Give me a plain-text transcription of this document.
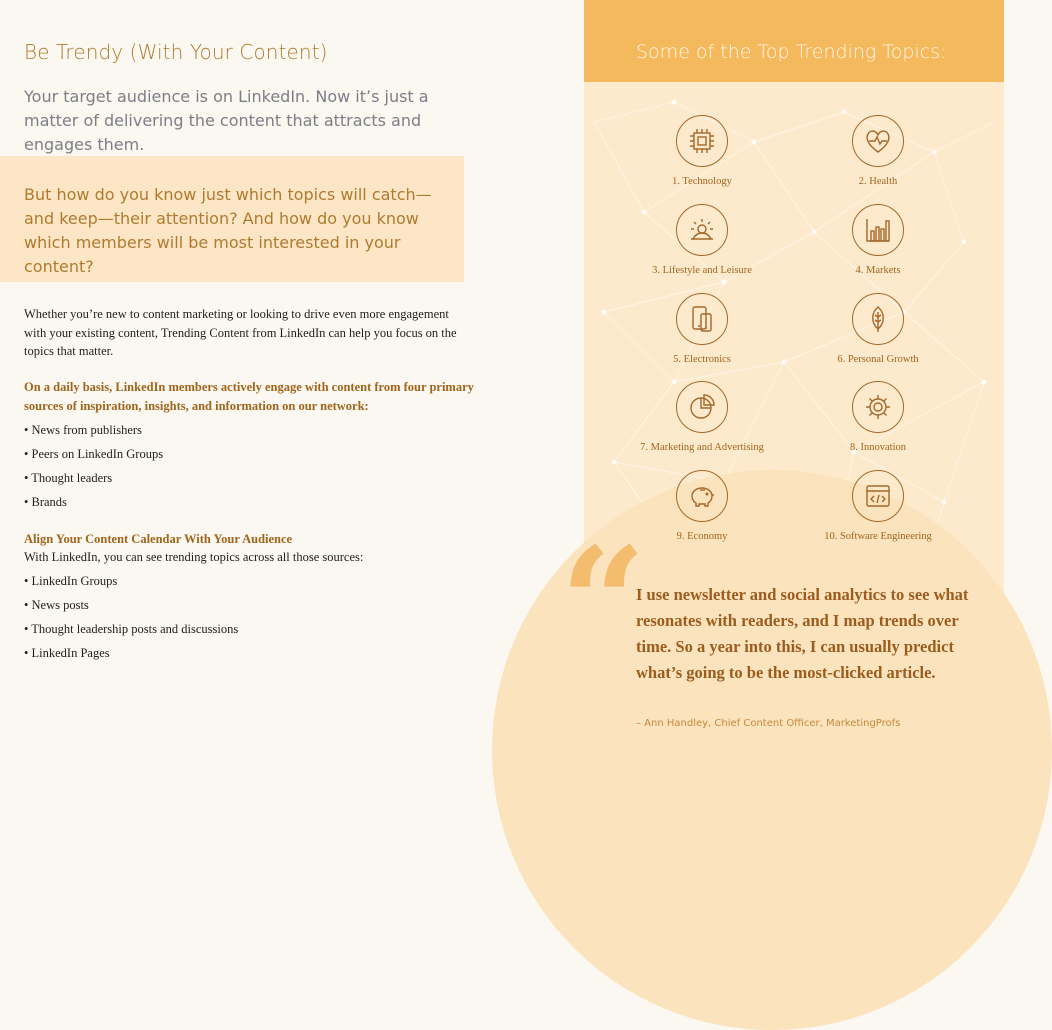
Be Trendy (With Your Content)
Your target audience is on LinkedIn. Now it’s just a matter of delivering the content that attracts and engages them.

But how do you know just which topics will catch—and keep—their attention? And how do you know which members will be most interested in your content?

Whether you’re new to content marketing or looking to drive even more engagement with your existing content, Trending Content from LinkedIn can help you focus on the topics that matter.
On a daily basis, LinkedIn members actively engage with content from four primary sources of inspiration, insights, and information on our network:
• News from publishers
• Peers on LinkedIn Groups
• Thought leaders
• Brands
Align Your Content Calendar With Your Audience
With LinkedIn, you can see trending topics across all those sources:
• LinkedIn Groups
• News posts
• Thought leadership posts and discussions
• LinkedIn Pages
Some of the Top Trending Topics:
1. Technology	2. Health
3. Lifestyle and Leisure	4. Markets
5. Electronics	6. Personal Growth
7. Marketing and Advertising	8. Innovation
9. Economy	10. Software Engineering
“

I use newsletter and social analytics to see what resonates with readers, and I map trends over time. So a year into this, I can usually predict what’s going to be the most-clicked article.

– Ann Handley, Chief Content Officer, MarketingProfs
